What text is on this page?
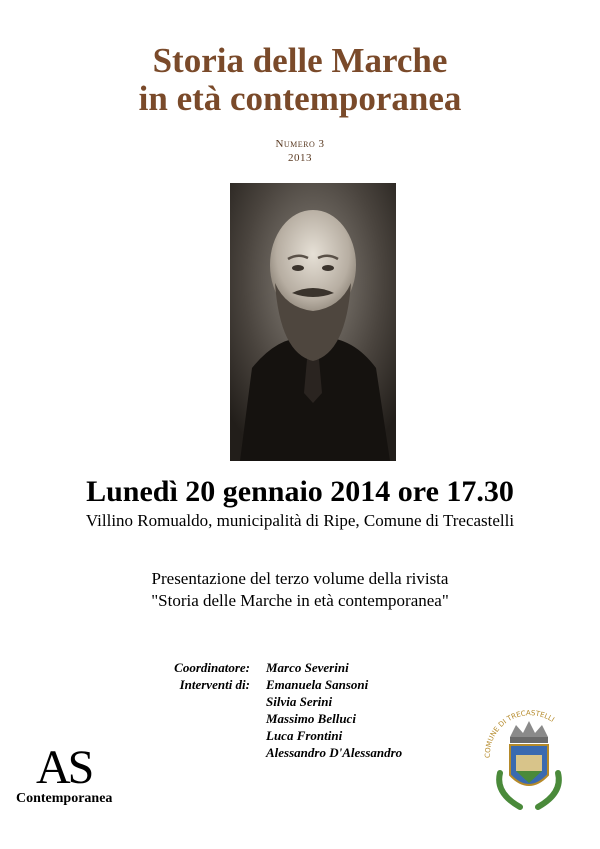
Storia delle Marche
in età contemporanea
Numero 3
2013
Lunedì 20 gennaio 2014 ore 17.30
Villino Romualdo, municipalità di Ripe, Comune di Trecastelli
Presentazione del terzo volume della rivista
"Storia delle Marche in età contemporanea"
Coordinatore:	Marco Severini
Interventi di:	Emanuela Sansoni
Silvia Serini
Massimo Belluci
Luca Frontini
Alessandro D'Alessandro
AS
Contemporanea
COMUNE DI TRECASTELLI
